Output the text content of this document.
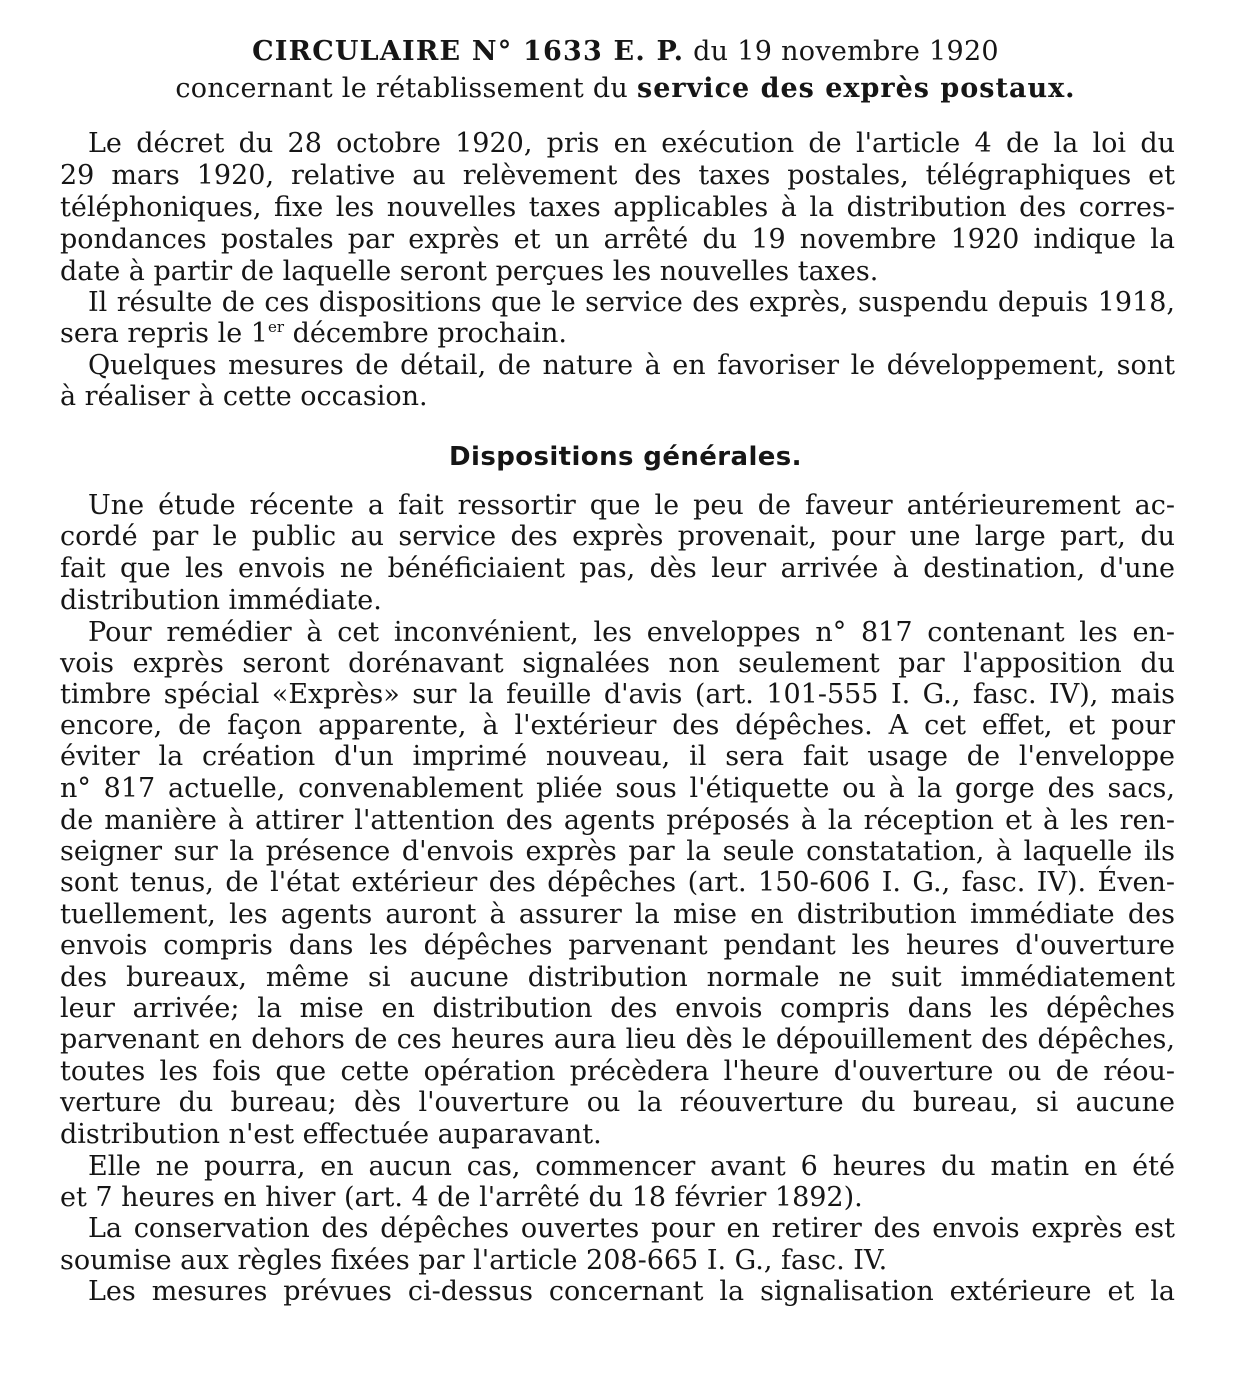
CIRCULAIRE N° 1633 E. P. du 19 novembre 1920
concernant le rétablissement du service des exprès postaux.
Le décret du 28 octobre 1920, pris en exécution de l'article 4 de la loi du
29 mars 1920, relative au relèvement des taxes postales, télégraphiques et
téléphoniques, fixe les nouvelles taxes applicables à la distribution des corres-
pondances postales par exprès et un arrêté du 19 novembre 1920 indique la
date à partir de laquelle seront perçues les nouvelles taxes.
Il résulte de ces dispositions que le service des exprès, suspendu depuis 1918,
sera repris le 1er décembre prochain.
Quelques mesures de détail, de nature à en favoriser le développement, sont
à réaliser à cette occasion.
Dispositions générales.
Une étude récente a fait ressortir que le peu de faveur antérieurement ac-
cordé par le public au service des exprès provenait, pour une large part, du
fait que les envois ne bénéficiaient pas, dès leur arrivée à destination, d'une
distribution immédiate.
Pour remédier à cet inconvénient, les enveloppes n° 817 contenant les en-
vois exprès seront dorénavant signalées non seulement par l'apposition du
timbre spécial «Exprès» sur la feuille d'avis (art. 101-555 I. G., fasc. IV), mais
encore, de façon apparente, à l'extérieur des dépêches. A cet effet, et pour
éviter la création d'un imprimé nouveau, il sera fait usage de l'enveloppe
n° 817 actuelle, convenablement pliée sous l'étiquette ou à la gorge des sacs,
de manière à attirer l'attention des agents préposés à la réception et à les ren-
seigner sur la présence d'envois exprès par la seule constatation, à laquelle ils
sont tenus, de l'état extérieur des dépêches (art. 150-606 I. G., fasc. IV). Éven-
tuellement, les agents auront à assurer la mise en distribution immédiate des
envois compris dans les dépêches parvenant pendant les heures d'ouverture
des bureaux, même si aucune distribution normale ne suit immédiatement
leur arrivée; la mise en distribution des envois compris dans les dépêches
parvenant en dehors de ces heures aura lieu dès le dépouillement des dépêches,
toutes les fois que cette opération précèdera l'heure d'ouverture ou de réou-
verture du bureau; dès l'ouverture ou la réouverture du bureau, si aucune
distribution n'est effectuée auparavant.
Elle ne pourra, en aucun cas, commencer avant 6 heures du matin en été
et 7 heures en hiver (art. 4 de l'arrêté du 18 février 1892).
La conservation des dépêches ouvertes pour en retirer des envois exprès est
soumise aux règles fixées par l'article 208-665 I. G., fasc. IV.
Les mesures prévues ci-dessus concernant la signalisation extérieure et la
